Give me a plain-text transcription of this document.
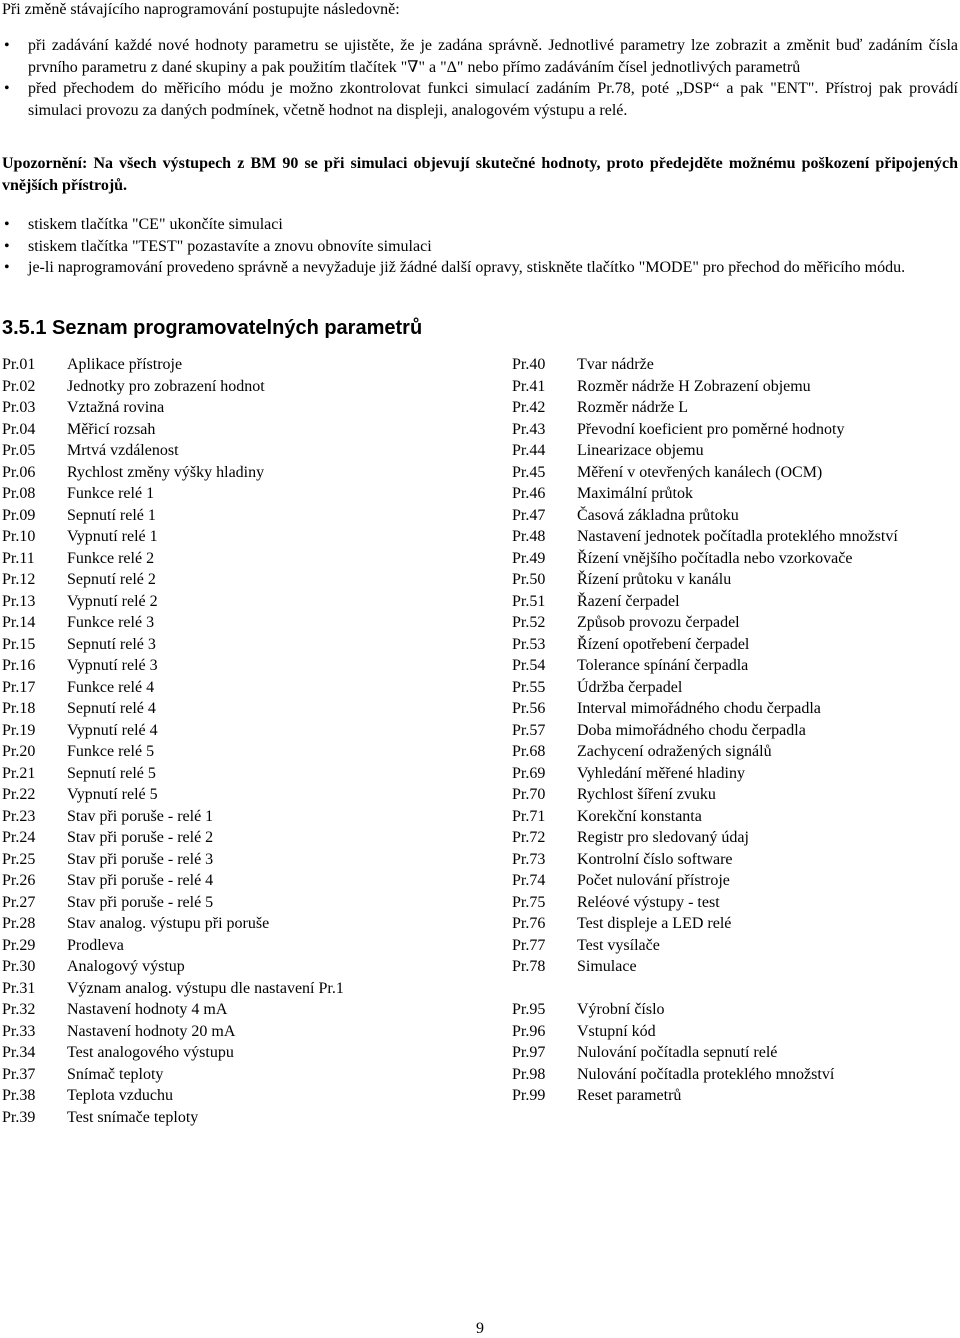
Při změně stávajícího naprogramování postupujte následovně:
• při zadávání každé nové hodnoty parametru se ujistěte, že je zadána správně. Jednotlivé parametry lze zobrazit a změnit buď zadáním čísla prvního parametru z dané skupiny a pak použitím tlačítek "∇" a "Δ" nebo přímo zadáváním čísel jednotlivých parametrů
• před přechodem do měřicího módu je možno zkontrolovat funkci simulací zadáním Pr.78, poté „DSP“ a pak "ENT". Přístroj pak provádí simulaci provozu za daných podmínek, včetně hodnot na displeji, analogovém výstupu a relé.
Upozornění: Na všech výstupech z BM 90 se při simulaci objevují skutečné hodnoty, proto předejděte možnému poškození připojených vnějších přístrojů.
• stiskem tlačítka "CE" ukončíte simulaci
• stiskem tlačítka "TEST" pozastavíte a znovu obnovíte simulaci
• je-li naprogramování provedeno správně a nevyžaduje již žádné další opravy, stiskněte tlačítko "MODE" pro přechod do měřicího módu.
3.5.1 Seznam programovatelných parametrů
Pr.01 Aplikace přístroje
Pr.02 Jednotky pro zobrazení hodnot
Pr.03 Vztažná rovina
Pr.04 Měřicí rozsah
Pr.05 Mrtvá vzdálenost
Pr.06 Rychlost změny výšky hladiny
Pr.08 Funkce relé 1
Pr.09 Sepnutí relé 1
Pr.10 Vypnutí relé 1
Pr.11 Funkce relé 2
Pr.12 Sepnutí relé 2
Pr.13 Vypnutí relé 2
Pr.14 Funkce relé 3
Pr.15 Sepnutí relé 3
Pr.16 Vypnutí relé 3
Pr.17 Funkce relé 4
Pr.18 Sepnutí relé 4
Pr.19 Vypnutí relé 4
Pr.20 Funkce relé 5
Pr.21 Sepnutí relé 5
Pr.22 Vypnutí relé 5
Pr.23 Stav při poruše - relé 1
Pr.24 Stav při poruše - relé 2
Pr.25 Stav při poruše - relé 3
Pr.26 Stav při poruše - relé 4
Pr.27 Stav při poruše - relé 5
Pr.28 Stav analog. výstupu při poruše
Pr.29 Prodleva
Pr.30 Analogový výstup
Pr.31 Význam analog. výstupu dle nastavení Pr.1
Pr.32 Nastavení hodnoty 4 mA
Pr.33 Nastavení hodnoty 20 mA
Pr.34 Test analogového výstupu
Pr.37 Snímač teploty
Pr.38 Teplota vzduchu
Pr.39 Test snímače teploty
Pr.40 Tvar nádrže
Pr.41 Rozměr nádrže H Zobrazení objemu
Pr.42 Rozměr nádrže L
Pr.43 Převodní koeficient pro poměrné hodnoty
Pr.44 Linearizace objemu
Pr.45 Měření v otevřených kanálech (OCM)
Pr.46 Maximální průtok
Pr.47 Časová základna průtoku
Pr.48 Nastavení jednotek počítadla proteklého množství
Pr.49 Řízení vnějšího počítadla nebo vzorkovače
Pr.50 Řízení průtoku v kanálu
Pr.51 Řazení čerpadel
Pr.52 Způsob provozu čerpadel
Pr.53 Řízení opotřebení čerpadel
Pr.54 Tolerance spínání čerpadla
Pr.55 Údržba čerpadel
Pr.56 Interval mimořádného chodu čerpadla
Pr.57 Doba mimořádného chodu čerpadla
Pr.68 Zachycení odražených signálů
Pr.69 Vyhledání měřené hladiny
Pr.70 Rychlost šíření zvuku
Pr.71 Korekční konstanta
Pr.72 Registr pro sledovaný údaj
Pr.73 Kontrolní číslo software
Pr.74 Počet nulování přístroje
Pr.75 Reléové výstupy - test
Pr.76 Test displeje a LED relé
Pr.77 Test vysílače
Pr.78 Simulace
Pr.95 Výrobní číslo
Pr.96 Vstupní kód
Pr.97 Nulování počítadla sepnutí relé
Pr.98 Nulování počítadla proteklého množství
Pr.99 Reset parametrů
9
